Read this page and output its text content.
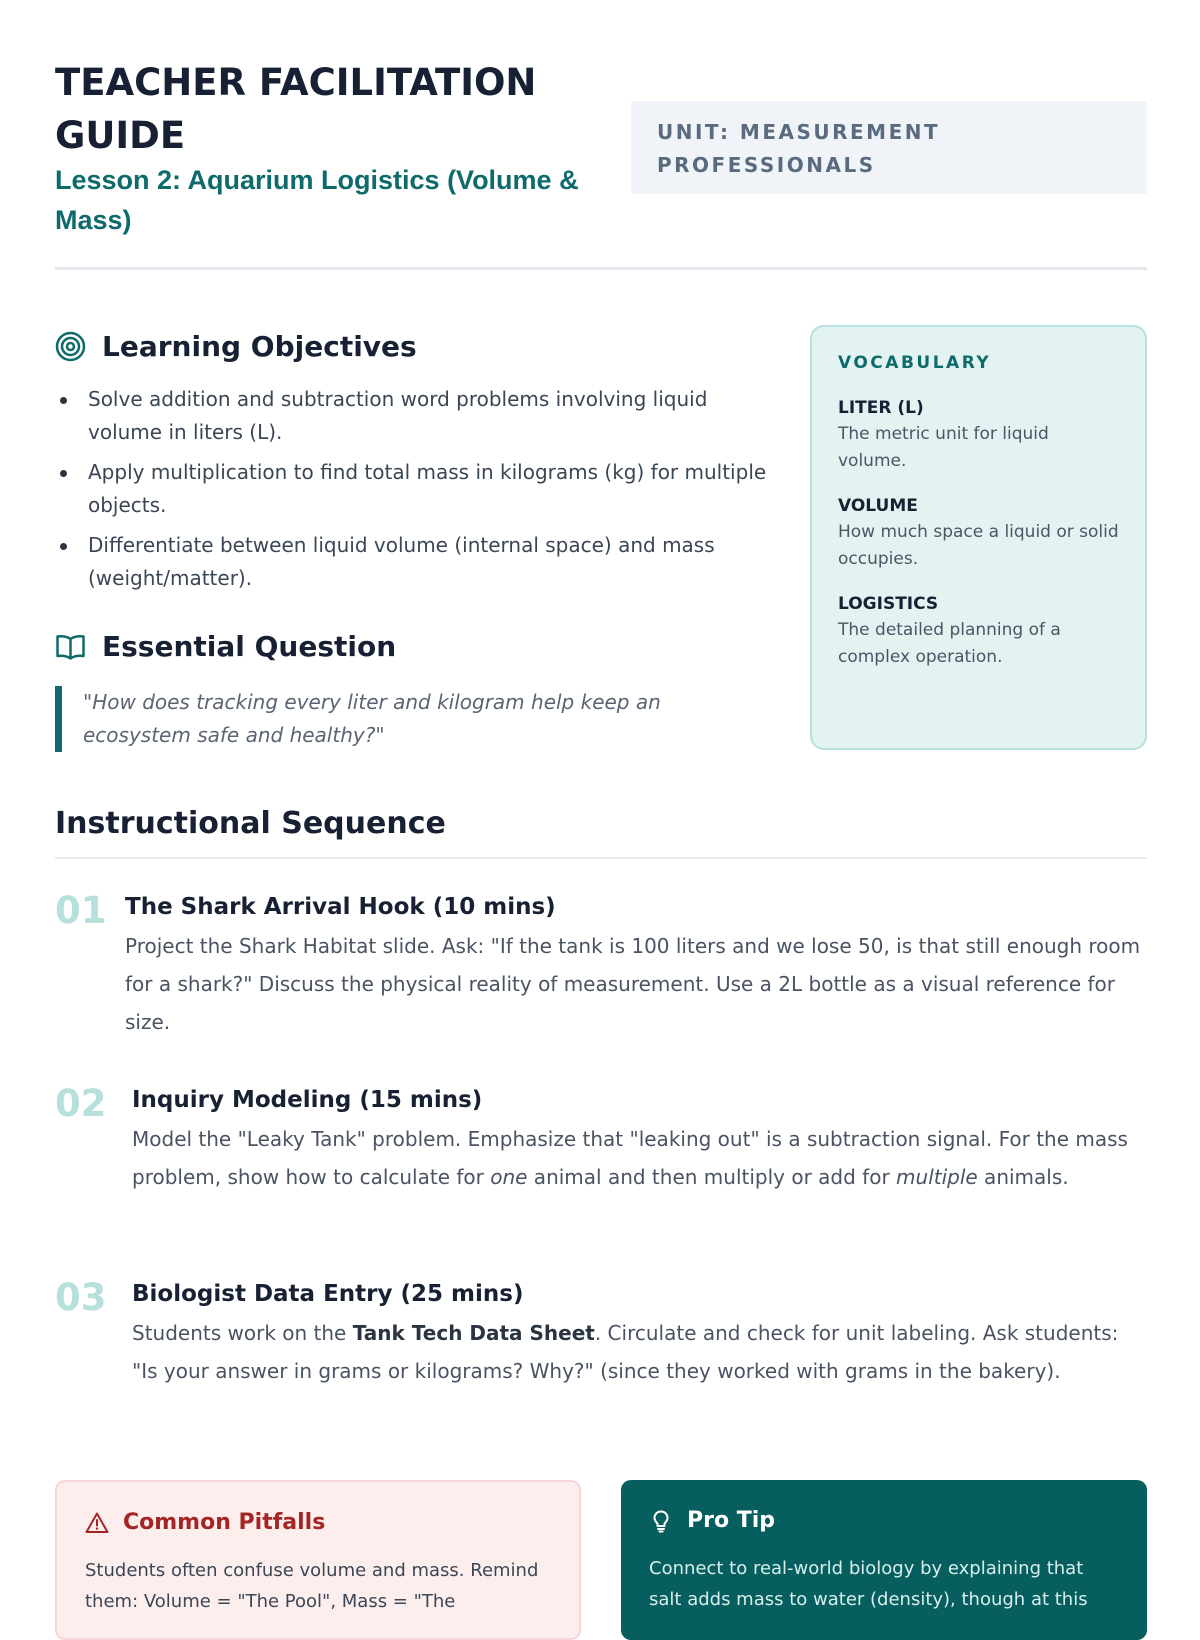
TEACHER FACILITATION GUIDE
Lesson 2: Aquarium Logistics (Volume & Mass)
UNIT: MEASUREMENT
PROFESSIONALS
Learning Objectives
Solve addition and subtraction word problems involving liquid volume in liters (L).
Apply multiplication to find total mass in kilograms (kg) for multiple objects.
Differentiate between liquid volume (internal space) and mass (weight/matter).
Essential Question
"How does tracking every liter and kilogram help keep an ecosystem safe and healthy?"
VOCABULARY
LITER (L)
The metric unit for liquid volume.
VOLUME
How much space a liquid or solid occupies.
LOGISTICS
The detailed planning of a complex operation.
Instructional Sequence
01 The Shark Arrival Hook (10 mins)
Project the Shark Habitat slide. Ask: "If the tank is 100 liters and we lose 50, is that still enough room for a shark?" Discuss the physical reality of measurement. Use a 2L bottle as a visual reference for size.
02 Inquiry Modeling (15 mins)
Model the "Leaky Tank" problem. Emphasize that "leaking out" is a subtraction signal. For the mass problem, show how to calculate for one animal and then multiply or add for multiple animals.
03 Biologist Data Entry (25 mins)
Students work on the Tank Tech Data Sheet. Circulate and check for unit labeling. Ask students: "Is your answer in grams or kilograms? Why?" (since they worked with grams in the bakery).
Common Pitfalls
Students often confuse volume and mass. Remind them: Volume = "The Pool", Mass = "The
Pro Tip
Connect to real-world biology by explaining that salt adds mass to water (density), though at this
